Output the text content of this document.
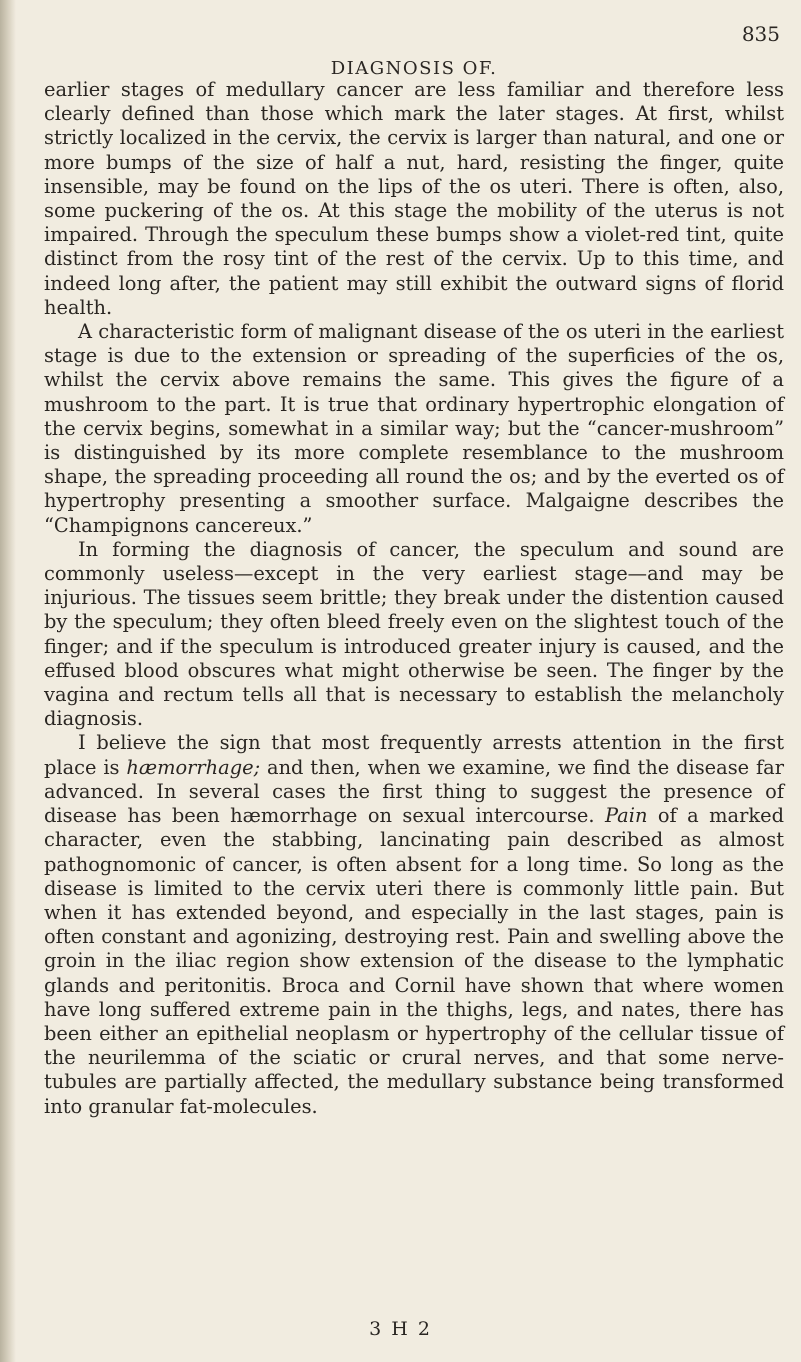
DIAGNOSIS OF.
835

earlier stages of medullary cancer are less familiar and therefore less clearly defined than those which mark the later stages. At first, whilst strictly localized in the cervix, the cervix is larger than natural, and one or more bumps of the size of half a nut, hard, resisting the finger, quite insensible, may be found on the lips of the os uteri. There is often, also, some puckering of the os. At this stage the mobility of the uterus is not impaired. Through the speculum these bumps show a violet-red tint, quite distinct from the rosy tint of the rest of the cervix. Up to this time, and indeed long after, the patient may still exhibit the outward signs of florid health.

A characteristic form of malignant disease of the os uteri in the earliest stage is due to the extension or spreading of the superficies of the os, whilst the cervix above remains the same. This gives the figure of a mushroom to the part. It is true that ordinary hypertrophic elongation of the cervix begins, somewhat in a similar way; but the “cancer-mushroom” is distinguished by its more complete resemblance to the mushroom shape, the spreading proceeding all round the os; and by the everted os of hypertrophy presenting a smoother surface. Malgaigne describes the “Champignons cancereux.”

In forming the diagnosis of cancer, the speculum and sound are commonly useless—except in the very earliest stage—and may be injurious. The tissues seem brittle; they break under the distention caused by the speculum; they often bleed freely even on the slightest touch of the finger; and if the speculum is introduced greater injury is caused, and the effused blood obscures what might otherwise be seen. The finger by the vagina and rectum tells all that is necessary to establish the melancholy diagnosis.

I believe the sign that most frequently arrests attention in the first place is hæmorrhage; and then, when we examine, we find the disease far advanced. In several cases the first thing to suggest the presence of disease has been hæmorrhage on sexual intercourse. Pain of a marked character, even the stabbing, lancinating pain described as almost pathognomonic of cancer, is often absent for a long time. So long as the disease is limited to the cervix uteri there is commonly little pain. But when it has extended beyond, and especially in the last stages, pain is often constant and agonizing, destroying rest. Pain and swelling above the groin in the iliac region show extension of the disease to the lymphatic glands and peritonitis. Broca and Cornil have shown that where women have long suffered extreme pain in the thighs, legs, and nates, there has been either an epithelial neoplasm or hypertrophy of the cellular tissue of the neurilemma of the sciatic or crural nerves, and that some nerve-tubules are partially affected, the medullary substance being transformed into granular fat-molecules.

3 H 2
